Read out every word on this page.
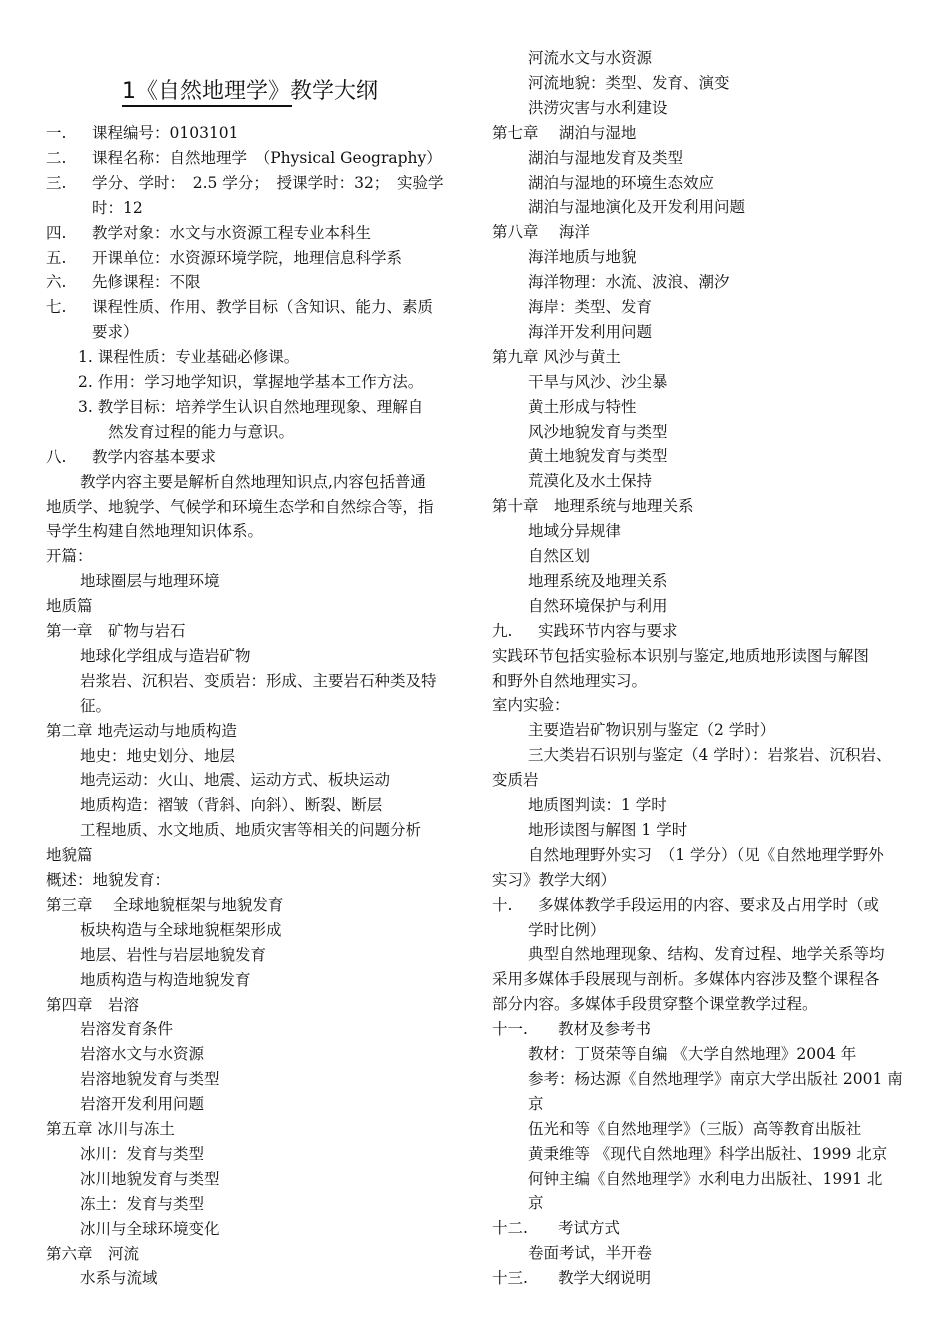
1《自然地理学》教学大纲
一. 课程编号：0103101
二. 课程名称：自然地理学　（Physical Geography）
三. 学分、学时：　2.5 学分；　授课学时：32；　实验学
时：12
四. 教学对象：水文与水资源工程专业本科生
五. 开课单位：水资源环境学院，地理信息科学系
六. 先修课程：不限
七. 课程性质、作用、教学目标（含知识、能力、素质
要求）
1. 课程性质：专业基础必修课。
2. 作用：学习地学知识，掌握地学基本工作方法。
3. 教学目标：培养学生认识自然地理现象、理解自
然发育过程的能力与意识。
八. 教学内容基本要求
教学内容主要是解析自然地理知识点,内容包括普通
地质学、地貌学、气候学和环境生态学和自然综合等，指
导学生构建自然地理知识体系。
开篇：
地球圈层与地理环境
地质篇
第一章　矿物与岩石
地球化学组成与造岩矿物
岩浆岩、沉积岩、变质岩：形成、主要岩石种类及特
征。
第二章 地壳运动与地质构造
地史：地史划分、地层
地壳运动：火山、地震、运动方式、板块运动
地质构造：褶皱（背斜、向斜）、断裂、断层
工程地质、水文地质、地质灾害等相关的问题分析
地貌篇
概述：地貌发育：
第三章　 全球地貌框架与地貌发育
板块构造与全球地貌框架形成
地层、岩性与岩层地貌发育
地质构造与构造地貌发育
第四章　岩溶
岩溶发育条件
岩溶水文与水资源
岩溶地貌发育与类型
岩溶开发利用问题
第五章 冰川与冻土
冰川：发育与类型
冰川地貌发育与类型
冻土：发育与类型
冰川与全球环境变化
第六章　河流
水系与流域
河流水文与水资源
河流地貌：类型、发育、演变
洪涝灾害与水利建设
第七章　 湖泊与湿地
湖泊与湿地发育及类型
湖泊与湿地的环境生态效应
湖泊与湿地演化及开发利用问题
第八章　 海洋
海洋地质与地貌
海洋物理：水流、波浪、潮汐
海岸：类型、发育
海洋开发利用问题
第九章 风沙与黄土
干旱与风沙、沙尘暴
黄土形成与特性
风沙地貌发育与类型
黄土地貌发育与类型
荒漠化及水土保持
第十章　地理系统与地理关系
地域分异规律
自然区划
地理系统及地理关系
自然环境保护与利用
九. 实践环节内容与要求
实践环节包括实验标本识别与鉴定,地质地形读图与解图
和野外自然地理实习。
室内实验：
主要造岩矿物识别与鉴定（2 学时）
三大类岩石识别与鉴定（4 学时）：岩浆岩、沉积岩、
变质岩
地质图判读：1 学时
地形读图与解图 1 学时
自然地理野外实习　（1 学分）（见《自然地理学野外
实习》教学大纲）
十. 多媒体教学手段运用的内容、要求及占用学时（或
学时比例）
典型自然地理现象、结构、发育过程、地学关系等均
采用多媒体手段展现与剖析。多媒体内容涉及整个课程各
部分内容。多媒体手段贯穿整个课堂教学过程。
十一. 教材及参考书
教材：丁贤荣等自编 《大学自然地理》2004 年
参考：杨达源《自然地理学》南京大学出版社 2001 南
京
伍光和等《自然地理学》（三版）高等教育出版社
黄秉维等 《现代自然地理》科学出版社、1999 北京
何钟主编《自然地理学》水利电力出版社、1991 北
京
十二. 考试方式
卷面考试，半开卷
十三. 教学大纲说明
